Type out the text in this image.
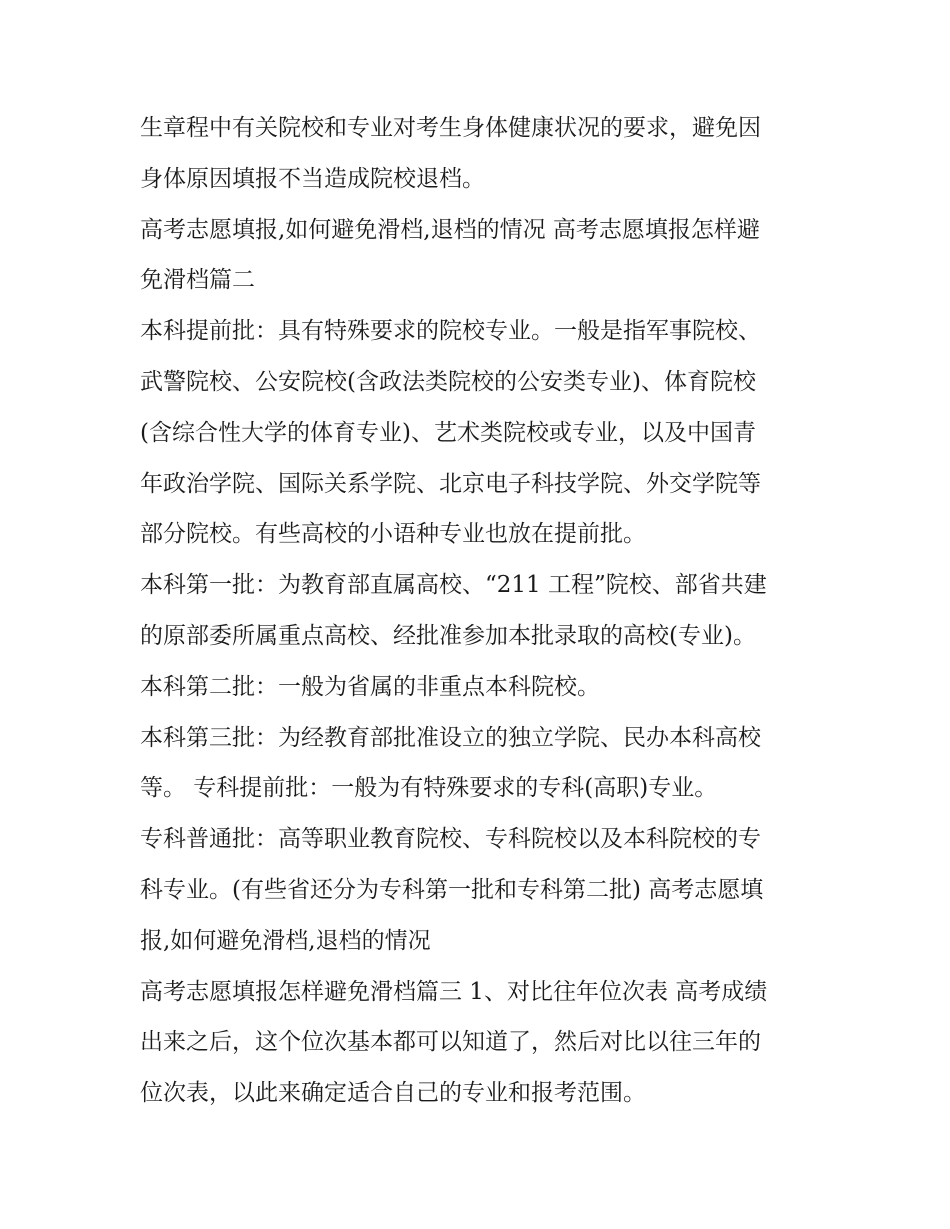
生章程中有关院校和专业对考生身体健康状况的要求，避免因
身体原因填报不当造成院校退档。
高考志愿填报,如何避免滑档,退档的情况 高考志愿填报怎样避
免滑档篇二
本科提前批：具有特殊要求的院校专业。一般是指军事院校、
武警院校、公安院校(含政法类院校的公安类专业)、体育院校
(含综合性大学的体育专业)、艺术类院校或专业，以及中国青
年政治学院、国际关系学院、北京电子科技学院、外交学院等
部分院校。有些高校的小语种专业也放在提前批。
本科第一批：为教育部直属高校、“211 工程”院校、部省共建
的原部委所属重点高校、经批准参加本批录取的高校(专业)。
本科第二批：一般为省属的非重点本科院校。
本科第三批：为经教育部批准设立的独立学院、民办本科高校
等。 专科提前批：一般为有特殊要求的专科(高职)专业。
专科普通批：高等职业教育院校、专科院校以及本科院校的专
科专业。(有些省还分为专科第一批和专科第二批) 高考志愿填
报,如何避免滑档,退档的情况
高考志愿填报怎样避免滑档篇三 1、对比往年位次表 高考成绩
出来之后，这个位次基本都可以知道了，然后对比以往三年的
位次表，以此来确定适合自己的专业和报考范围。
